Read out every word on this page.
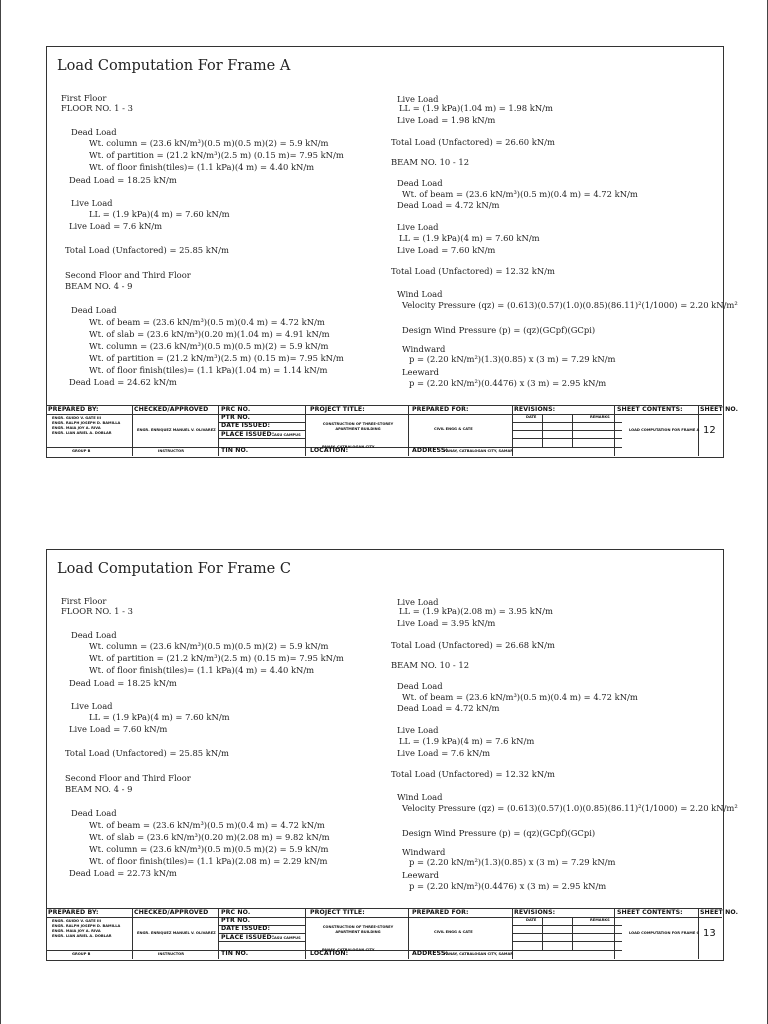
Load Computation For Frame A
First Floor
FLOOR NO. 1 - 3
Dead Load
Wt. column = (23.6 kN/m³)(0.5 m)(0.5 m)(2) = 5.9 kN/m
Wt. of partition = (21.2 kN/m³)(2.5 m) (0.15 m)= 7.95 kN/m
Wt. of floor finish(tiles)= (1.1 kPa)(4 m) = 4.40 kN/m
Dead Load = 18.25 kN/m
Live Load
LL = (1.9 kPa)(4 m) = 7.60 kN/m
Live Load = 7.6 kN/m
Total Load (Unfactored) = 25.85 kN/m
Second Floor and Third Floor
BEAM NO. 4 - 9
Dead Load
Wt. of beam = (23.6 kN/m³)(0.5 m)(0.4 m) = 4.72 kN/m
Wt. of slab = (23.6 kN/m³)(0.20 m)(1.04 m) = 4.91 kN/m
Wt. column = (23.6 kN/m³)(0.5 m)(0.5 m)(2) = 5.9 kN/m
Wt. of partition = (21.2 kN/m³)(2.5 m) (0.15 m)= 7.95 kN/m
Wt. of floor finish(tiles)= (1.1 kPa)(1.04 m) = 1.14 kN/m
Dead Load = 24.62 kN/m
Live Load
LL = (1.9 kPa)(1.04 m) = 1.98 kN/m
Live Load = 1.98 kN/m
Total Load (Unfactored) = 26.60 kN/m
BEAM NO. 10 - 12
Dead Load
Wt. of beam = (23.6 kN/m³)(0.5 m)(0.4 m) = 4.72 kN/m
Dead Load = 4.72 kN/m
Live Load
LL = (1.9 kPa)(4 m) = 7.60 kN/m
Live Load = 7.60 kN/m
Total Load (Unfactored) = 12.32 kN/m
Wind Load
Velocity Pressure (qz) = (0.613)(0.57)(1.0)(0.85)(86.11)²(1/1000) = 2.20 kN/m²
Design Wind Pressure (p) = (qz)(GCpf)(GCpi)
Windward
p = (2.20 kN/m²)(1.3)(0.85) x (3 m) = 7.29 kN/m
Leeward
p = (2.20 kN/m²)(0.4476) x (3 m) = 2.95 kN/m
PREPARED BY:	CHECKED/APPROVED PRC NO.
PTR NO.
DATE ISSUED:
PLACE ISSUED:
TIN NO.
PROJECT TITLE:
LOCATION:
PREPARED FOR:
ADDRESS:
REVISIONS:	SHEET CONTENTS:	SHEET NO.
ASU CAMPUS
DATE	REMARKS
ENGR. GUIDO V. GATE III
ENGR. RALPH JOSEPH D. BAMILLA
ENGR. MAIA JOY A. RIVA
ENGR. LIAN ARIEL A. DOBLAR
GROUP B
ENGR. ENRIQUEZ MANUEL V. OLIVAREZ
INSTRUCTOR
PANAY, CATBALOGAN CITY
CIVIL ENGG & CATE
PANAY, CATBALOGAN CITY, SAMAR
LOAD COMPUTATION FOR FRAME A
CONSTRUCTION OF THREE-STOREY APARTMENT BUILDING	12
Load Computation For Frame C
First Floor
FLOOR NO. 1 - 3
Dead Load
Wt. column = (23.6 kN/m³)(0.5 m)(0.5 m)(2) = 5.9 kN/m
Wt. of partition = (21.2 kN/m³)(2.5 m) (0.15 m)= 7.95 kN/m
Wt. of floor finish(tiles)= (1.1 kPa)(4 m) = 4.40 kN/m
Dead Load = 18.25 kN/m
Live Load
LL = (1.9 kPa)(4 m) = 7.60 kN/m
Live Load = 7.60 kN/m
Total Load (Unfactored) = 25.85 kN/m
Second Floor and Third Floor
BEAM NO. 4 - 9
Dead Load
Wt. of beam = (23.6 kN/m³)(0.5 m)(0.4 m) = 4.72 kN/m
Wt. of slab = (23.6 kN/m³)(0.20 m)(2.08 m) = 9.82 kN/m
Wt. column = (23.6 kN/m³)(0.5 m)(0.5 m)(2) = 5.9 kN/m
Wt. of floor finish(tiles)= (1.1 kPa)(2.08 m) = 2.29 kN/m
Dead Load = 22.73 kN/m
Live Load
LL = (1.9 kPa)(2.08 m) = 3.95 kN/m
Live Load = 3.95 kN/m
Total Load (Unfactored) = 26.68 kN/m
BEAM NO. 10 - 12
Dead Load
Wt. of beam = (23.6 kN/m³)(0.5 m)(0.4 m) = 4.72 kN/m
Dead Load = 4.72 kN/m
Live Load
LL = (1.9 kPa)(4 m) = 7.6 kN/m
Live Load = 7.6 kN/m
Total Load (Unfactored) = 12.32 kN/m
Wind Load
Velocity Pressure (qz) = (0.613)(0.57)(1.0)(0.85)(86.11)²(1/1000) = 2.20 kN/m²
Design Wind Pressure (p) = (qz)(GCpf)(GCpi)
Windward
p = (2.20 kN/m²)(1.3)(0.85) x (3 m) = 7.29 kN/m
Leeward
p = (2.20 kN/m²)(0.4476) x (3 m) = 2.95 kN/m
PREPARED BY:	CHECKED/APPROVED PRC NO.
PTR NO.
DATE ISSUED:
PLACE ISSUED:
TIN NO.
PROJECT TITLE:
LOCATION:
PREPARED FOR:
ADDRESS:
REVISIONS:	SHEET CONTENTS:	SHEET NO.
ASU CAMPUS
DATE	REMARKS
ENGR. GUIDO V. GATE III
ENGR. RALPH JOSEPH D. BAMILLA
ENGR. MAIA JOY A. RIVA
ENGR. LIAN ARIEL A. DOBLAR
GROUP B
ENGR. ENRIQUEZ MANUEL V. OLIVAREZ
INSTRUCTOR
PANAY, CATBALOGAN CITY
CIVIL ENGG & CATE
PANAY, CATBALOGAN CITY, SAMAR
LOAD COMPUTATION FOR FRAME C
CONSTRUCTION OF THREE-STOREY APARTMENT BUILDING	13
